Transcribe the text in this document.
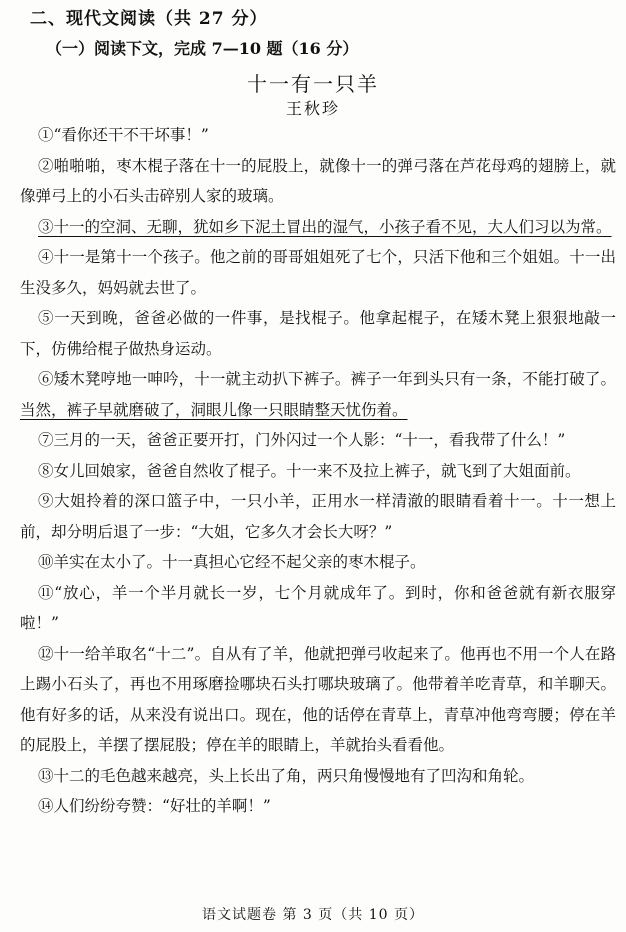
二、现代文阅读（共 27 分）
（一）阅读下文，完成 7—10 题（16 分）
十一有一只羊
王秋珍

①“看你还干不干坏事！”

②啪啪啪，枣木棍子落在十一的屁股上，就像十一的弹弓落在芦花母鸡的翅膀上，就像弹弓上的小石头击碎别人家的玻璃。

③十一的空洞、无聊，犹如乡下泥土冒出的湿气，小孩子看不见，大人们习以为常。

④十一是第十一个孩子。他之前的哥哥姐姐死了七个，只活下他和三个姐姐。十一出生没多久，妈妈就去世了。

⑤一天到晚，爸爸必做的一件事，是找棍子。他拿起棍子，在矮木凳上狠狠地敲一下，仿佛给棍子做热身运动。

⑥矮木凳哼地一呻吟，十一就主动扒下裤子。裤子一年到头只有一条，不能打破了。当然，裤子早就磨破了，洞眼儿像一只眼睛整天忧伤着。

⑦三月的一天，爸爸正要开打，门外闪过一个人影：“十一，看我带了什么！”

⑧女儿回娘家，爸爸自然收了棍子。十一来不及拉上裤子，就飞到了大姐面前。

⑨大姐拎着的深口篮子中，一只小羊，正用水一样清澈的眼睛看着十一。十一想上前，却分明后退了一步：“大姐，它多久才会长大呀？”

⑩羊实在太小了。十一真担心它经不起父亲的枣木棍子。

⑪“放心，羊一个半月就长一岁，七个月就成年了。到时，你和爸爸就有新衣服穿啦！”

⑫十一给羊取名“十二”。自从有了羊，他就把弹弓收起来了。他再也不用一个人在路上踢小石头了，再也不用琢磨捡哪块石头打哪块玻璃了。他带着羊吃青草，和羊聊天。他有好多的话，从来没有说出口。现在，他的话停在青草上，青草冲他弯弯腰；停在羊的屁股上，羊摆了摆屁股；停在羊的眼睛上，羊就抬头看看他。

⑬十二的毛色越来越亮，头上长出了角，两只角慢慢地有了凹沟和角轮。

⑭人们纷纷夸赞：“好壮的羊啊！”

语文试题卷 第 3 页（共 10 页）
